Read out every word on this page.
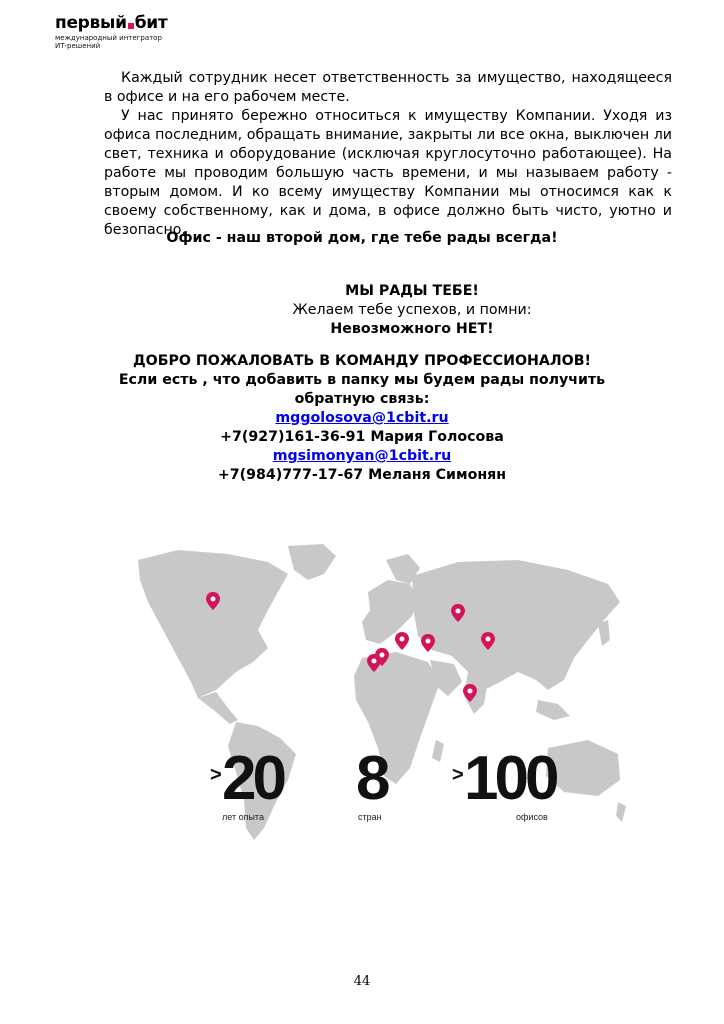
первый бит
международный интегратор
ИТ-решений

Каждый сотрудник несет ответственность за имущество, находящееся в офисе и на его рабочем месте.

У нас принято бережно относиться к имуществу Компании. Уходя из офиса последним, обращать внимание, закрыты ли все окна, выключен ли свет, техника и оборудование (исключая круглосуточно работающее). На работе мы проводим большую часть времени, и мы называем работу - вторым домом. И ко всему имуществу Компании мы относимся как к своему собственному, как и дома, в офисе должно быть чисто, уютно и безопасно.

Офис - наш второй дом, где тебе рады всегда!
МЫ РАДЫ ТЕБЕ!
Желаем тебе успехов, и помни:
Невозможного НЕТ!
ДОБРО ПОЖАЛОВАТЬ В КОМАНДУ ПРОФЕССИОНАЛОВ!
Если есть , что добавить в папку мы будем рады получить
обратную связь:
mggolosova@1cbit.ru
+7(927)161-36-91 Мария Голосова
mgsimonyan@1cbit.ru
+7(984)777-17-67 Меланя Симонян
> 20
лет опыта
8
стран
> 100
офисов
44
